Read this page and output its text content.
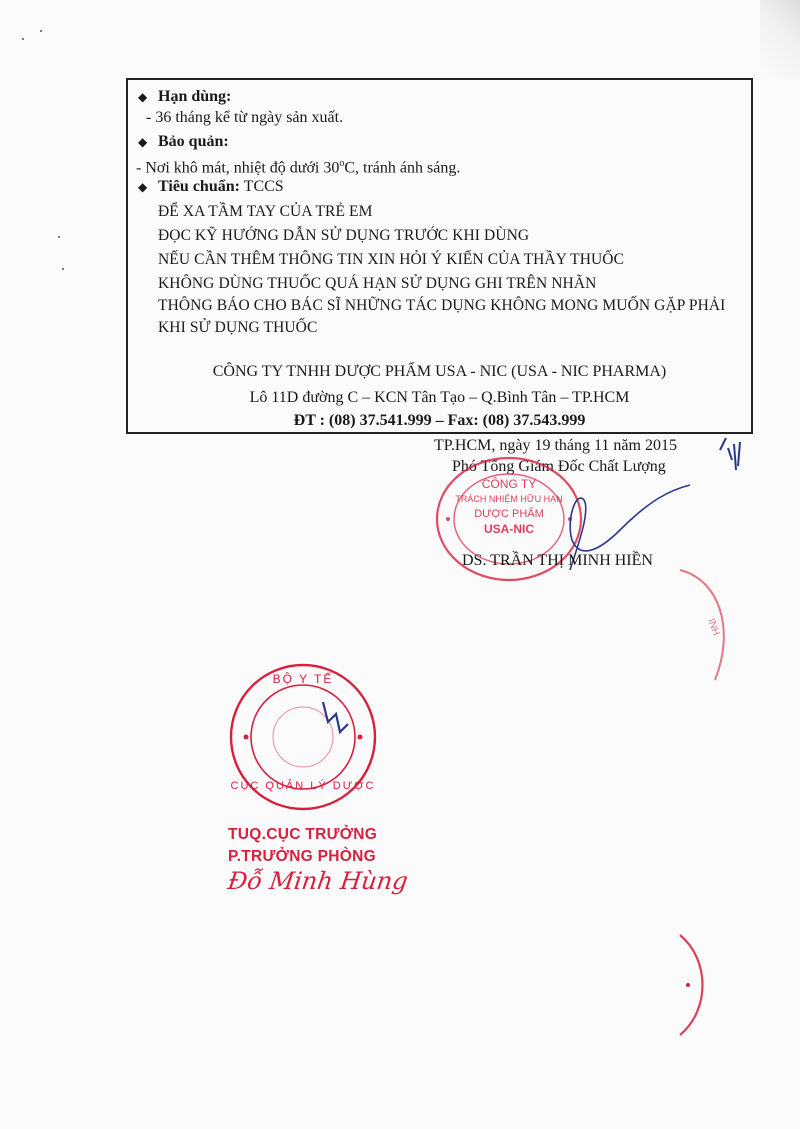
◆ Hạn dùng:
- 36 tháng kể từ ngày sản xuất.
◆ Bảo quản:
- Nơi khô mát, nhiệt độ dưới 30$^o$C, tránh ánh sáng.
◆ Tiêu chuẩn: TCCS
ĐỂ XA TẦM TAY CỦA TRẺ EM
ĐỌC KỸ HƯỚNG DẪN SỬ DỤNG TRƯỚC KHI DÙNG
NẾU CẦN THÊM THÔNG TIN XIN HỎI Ý KIẾN CỦA THẦY THUỐC
KHÔNG DÙNG THUỐC QUÁ HẠN SỬ DỤNG GHI TRÊN NHÃN
THÔNG BÁO CHO BÁC SĨ NHỮNG TÁC DỤNG KHÔNG MONG MUỐN GẶP PHẢI
KHI SỬ DỤNG THUỐC
CÔNG TY TNHH DƯỢC PHẨM USA - NIC (USA - NIC PHARMA)
Lô 11D đường C – KCN Tân Tạo – Q.Bình Tân – TP.HCM
ĐT : (08) 37.541.999 – Fax: (08) 37.543.999
TP.HCM, ngày 19 tháng 11 năm 2015
Phó Tổng Giám Đốc Chất Lượng
CÔNG TY
TRÁCH NHIỆM HỮU HẠN
DƯỢC PHẨM
USA-NIC
DS. TRẦN THỊ MINH HIỀN
INH
BỘ Y TẾ
CỤC QUẢN LÝ DƯỢC
TUQ.CỤC TRƯỞNG
P.TRƯỞNG PHÒNG
Đỗ Minh Hùng
